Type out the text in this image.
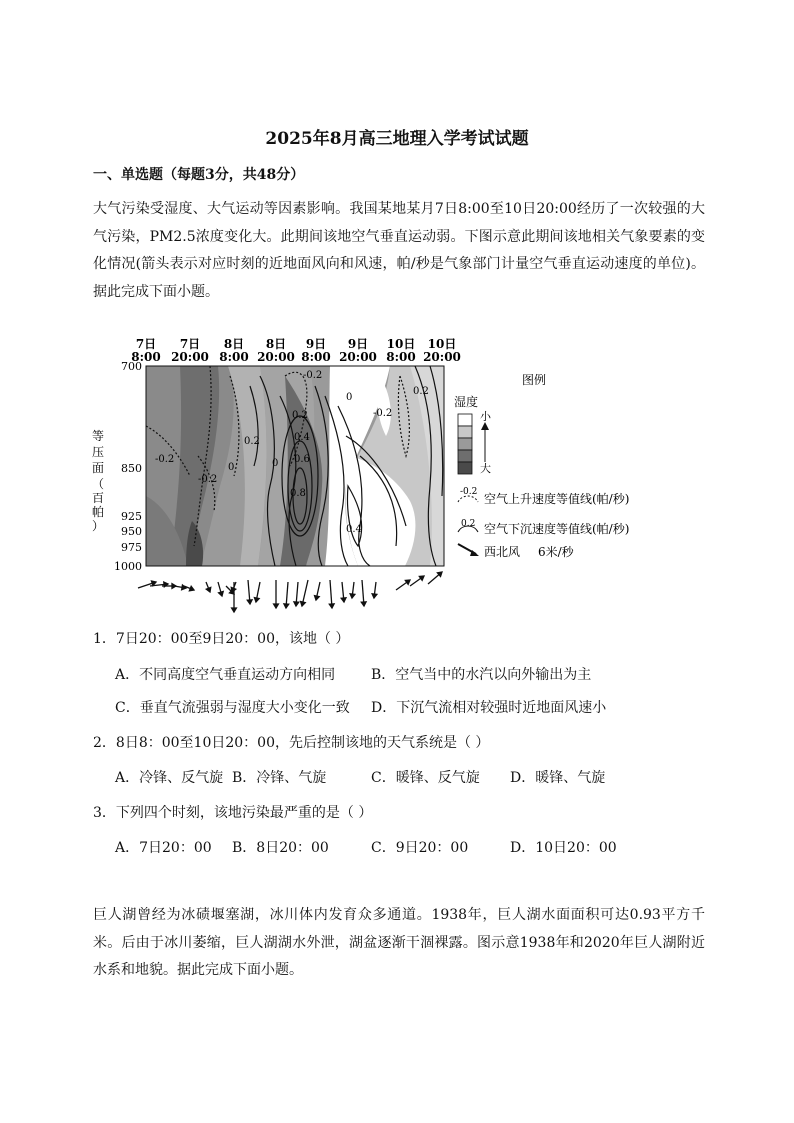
2025年8月高三地理入学考试试题
一、单选题（每题3分，共48分）
大气污染受湿度、大气运动等因素影响。我国某地某月7日8:00至10日20:00经历了一次较强的大气污染，PM2.5浓度变化大。此期间该地空气垂直运动弱。下图示意此期间该地相关气象要素的变化情况(箭头表示对应时刻的近地面风向和风速，帕/秒是气象部门计量空气垂直运动速度的单位)。据此完成下面小题。
7日
8:00
7日
20:00
8日
8:00
8日
20:00
9日
8:00
9日
20:00
10日
8:00
10日
20:00
700
850
925
950
975
1000
等
压
面
（
百
帕
）
-0.2
-0.2
-0.2
0
0.2
0
0.2
0.4
0.6
0.8
0.4
0
-0.2
0.2
图例
湿度
小
大
-0.2 空气上升速度等值线(帕/秒)
0.2 空气下沉速度等值线(帕/秒)
西北风 6米/秒
1．7日20：00至9日20：00，该地（ ）
A．不同高度空气垂直运动方向相同	B．空气当中的水汽以向外输出为主
C．垂直气流强弱与湿度大小变化一致 D．下沉气流相对较强时近地面风速小
2．8日8：00至10日20：00，先后控制该地的天气系统是（ ）
A．冷锋、反气旋 B．冷锋、气旋	C．暖锋、反气旋 D．暖锋、气旋
3．下列四个时刻，该地污染最严重的是（ ）
A．7日20：00 B．8日20：00	C．9日20：00	D．10日20：00
巨人湖曾经为冰碛堰塞湖，冰川体内发育众多通道。1938年，巨人湖水面面积可达0.93平方千米。后由于冰川萎缩，巨人湖湖水外泄，湖盆逐渐干涸裸露。图示意1938年和2020年巨人湖附近水系和地貌。据此完成下面小题。
